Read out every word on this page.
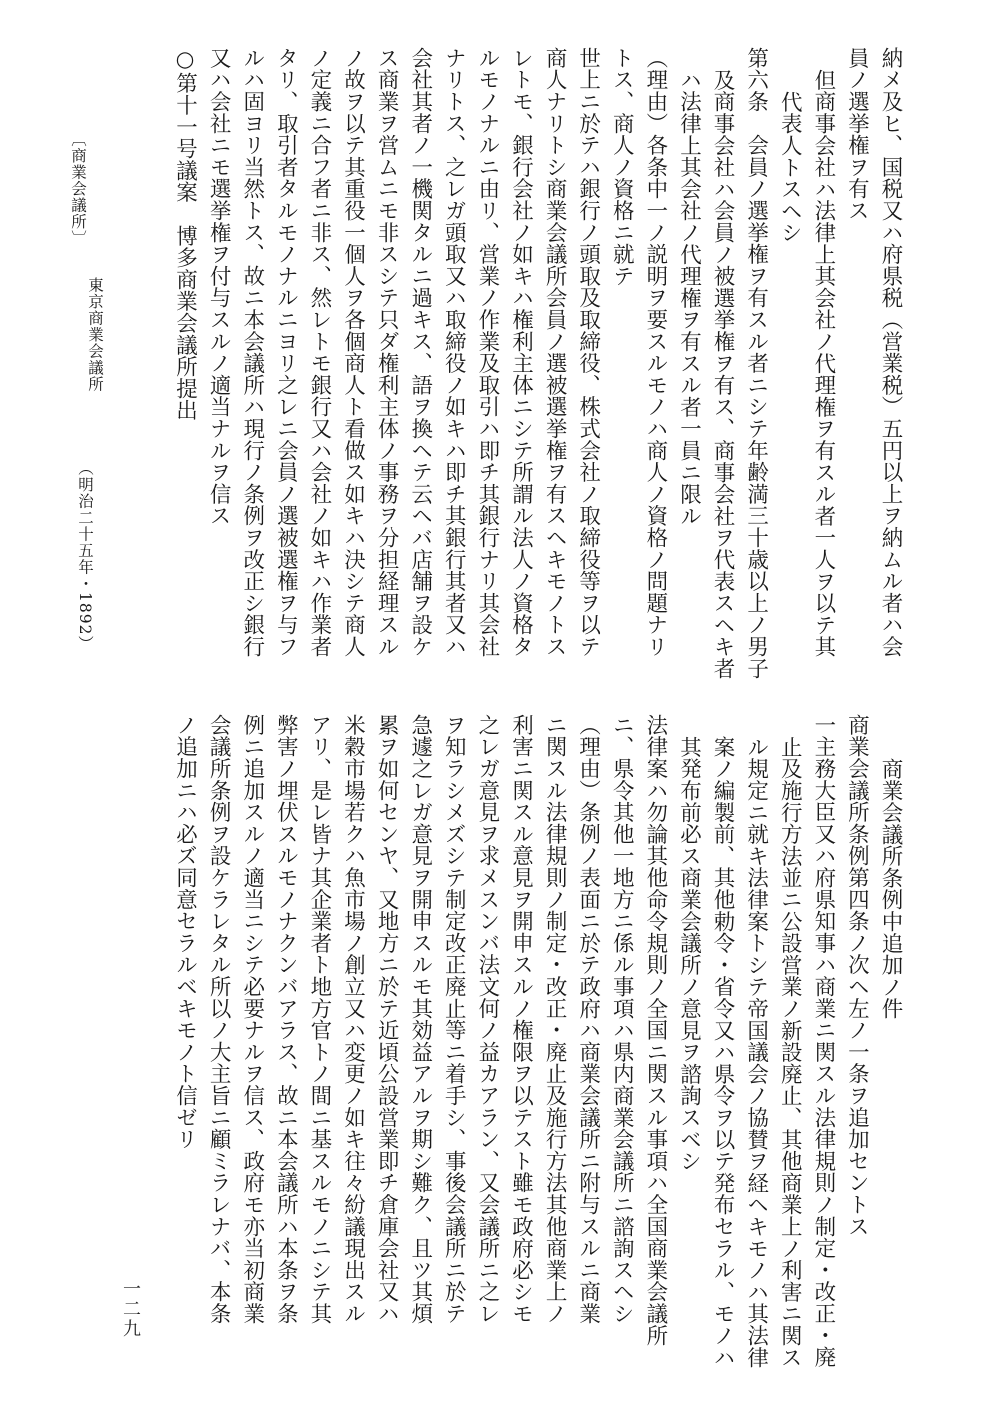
納メ及ヒ、国税又ハ府県税（営業税）五円以上ヲ納ムル者ハ会
員ノ選挙権ヲ有ス
但商事会社ハ法律上其会社ノ代理権ヲ有スル者一人ヲ以テ其
代表人トスヘシ
第六条　会員ノ選挙権ヲ有スル者ニシテ年齢満三十歳以上ノ男子
及商事会社ハ会員ノ被選挙権ヲ有ス、商事会社ヲ代表スヘキ者
ハ法律上其会社ノ代理権ヲ有スル者一員ニ限ル
（理由）各条中一ノ説明ヲ要スルモノハ商人ノ資格ノ問題ナリ
トス、商人ノ資格ニ就テ
世上ニ於テハ銀行ノ頭取及取締役、株式会社ノ取締役等ヲ以テ
商人ナリトシ商業会議所会員ノ選被選挙権ヲ有スヘキモノトス
レトモ、銀行会社ノ如キハ権利主体ニシテ所謂ル法人ノ資格タ
ルモノナルニ由リ、営業ノ作業及取引ハ即チ其銀行ナリ其会社
ナリトス、之レガ頭取又ハ取締役ノ如キハ即チ其銀行其者又ハ
会社其者ノ一機関タルニ過キス、語ヲ換ヘテ云ヘバ店舗ヲ設ケ
ス商業ヲ営ムニモ非スシテ只ダ権利主体ノ事務ヲ分担経理スル
ノ故ヲ以テ其重役一個人ヲ各個商人ト看做ス如キハ決シテ商人
ノ定義ニ合フ者ニ非ス、然レトモ銀行又ハ会社ノ如キハ作業者
タリ、取引者タルモノナルニヨリ之レニ会員ノ選被選権ヲ与フ
ルハ固ヨリ当然トス、故ニ本会議所ハ現行ノ条例ヲ改正シ銀行
又ハ会社ニモ選挙権ヲ付与スルノ適当ナルヲ信ス
○第十一号議案　博多商業会議所提出
〔商業会議所〕
東京商業会議所
（明治二十五年・1892）
商業会議所条例中追加ノ件
商業会議所条例第四条ノ次ヘ左ノ一条ヲ追加セントス
一主務大臣又ハ府県知事ハ商業ニ関スル法律規則ノ制定・改正・廃
止及施行方法並ニ公設営業ノ新設廃止、其他商業上ノ利害ニ関ス
ル規定ニ就キ法律案トシテ帝国議会ノ協賛ヲ経ヘキモノハ其法律
案ノ編製前、其他勅令・省令又ハ県令ヲ以テ発布セラル、モノハ
其発布前必ス商業会議所ノ意見ヲ諮詢スベシ
法律案ハ勿論其他命令規則ノ全国ニ関スル事項ハ全国商業会議所
ニ、県令其他一地方ニ係ル事項ハ県内商業会議所ニ諮詢スヘシ
（理由）条例ノ表面ニ於テ政府ハ商業会議所ニ附与スルニ商業
ニ関スル法律規則ノ制定・改正・廃止及施行方法其他商業上ノ
利害ニ関スル意見ヲ開申スルノ権限ヲ以テスト雖モ政府必シモ
之レガ意見ヲ求メスンバ法文何ノ益カアラン、又会議所ニ之レ
ヲ知ラシメズシテ制定改正廃止等ニ着手シ、事後会議所ニ於テ
急遽之レガ意見ヲ開申スルモ其効益アルヲ期シ難ク、且ツ其煩
累ヲ如何センヤ、又地方ニ於テ近頃公設営業即チ倉庫会社又ハ
米穀市場若クハ魚市場ノ創立又ハ変更ノ如キ往々紛議現出スル
アリ、是レ皆ナ其企業者ト地方官トノ間ニ基スルモノニシテ其
弊害ノ埋伏スルモノナクンバアラス、故ニ本会議所ハ本条ヲ条
例ニ追加スルノ適当ニシテ必要ナルヲ信ス、政府モ亦当初商業
会議所条例ヲ設ケラレタル所以ノ大主旨ニ顧ミラレナバ、本条
ノ追加ニハ必ズ同意セラルベキモノト信ゼリ
一二九
